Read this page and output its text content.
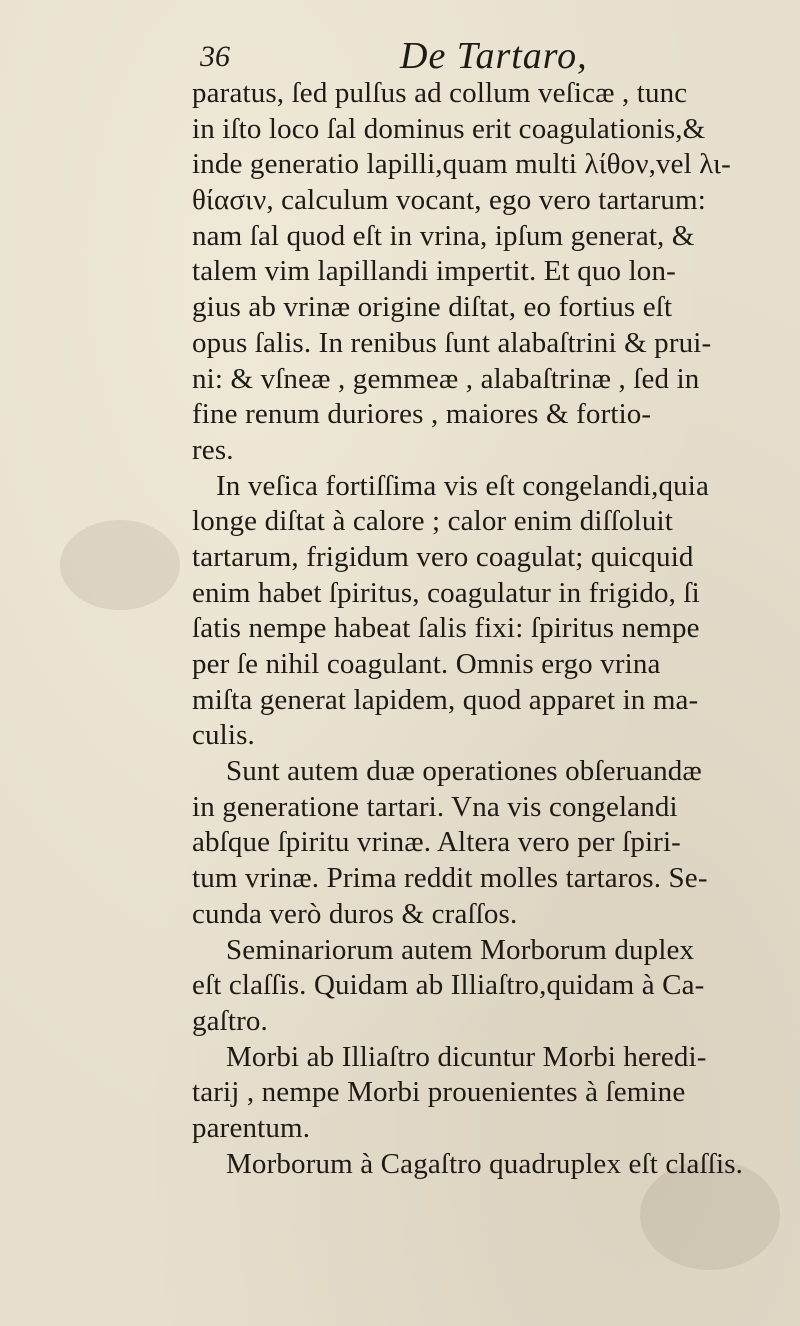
36	De Tartaro,
paratus, ſed pulſus ad collum veſicæ , tunc
in iſto loco ſal dominus erit coagulationis,&
inde generatio lapilli,quam multi λίθον,vel λι-
θίασιν, calculum vocant, ego vero tartarum:
nam ſal quod eſt in vrina, ipſum generat, &
talem vim lapillandi impertit. Et quo lon-
gius ab vrinæ origine diſtat, eo fortius eſt
opus ſalis. In renibus ſunt alabaſtrini & prui-
ni: & vſneæ , gemmeæ , alabaſtrinæ , ſed in
fine renum duriores , maiores & fortio-
res.
In veſica fortiſſima vis eſt congelandi,quia
longe diſtat à calore ; calor enim diſſoluit
tartarum, frigidum vero coagulat; quicquid
enim habet ſpiritus, coagulatur in frigido, ſi
ſatis nempe habeat ſalis fixi: ſpiritus nempe
per ſe nihil coagulant. Omnis ergo vrina
miſta generat lapidem, quod apparet in ma-
culis.
Sunt autem duæ operationes obſeruandæ
in generatione tartari. Vna vis congelandi
abſque ſpiritu vrinæ. Altera vero per ſpiri-
tum vrinæ. Prima reddit molles tartaros. Se-
cunda verò duros & craſſos.
Seminariorum autem Morborum duplex
eſt claſſis. Quidam ab Illiaſtro,quidam à Ca-
gaſtro.
Morbi ab Illiaſtro dicuntur Morbi heredi-
tarij , nempe Morbi prouenientes à ſemine
parentum.
Morborum à Cagaſtro quadruplex eſt claſſis.
